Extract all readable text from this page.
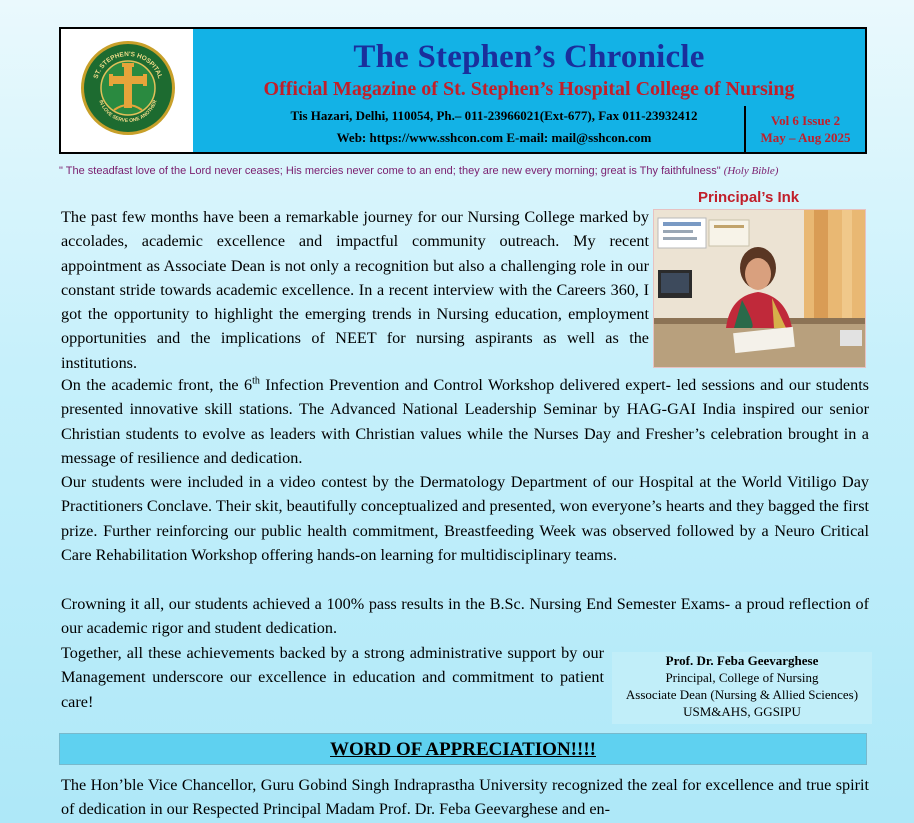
ST. STEPHEN'S HOSPITAL
IN LOVE SERVE ONE ANOTHER
The Stephen’s Chronicle
Official Magazine of St. Stephen’s Hospital College of Nursing
Tis Hazari, Delhi, 110054, Ph.– 011-23966021(Ext-677), Fax 011-23932412
Web: https://www.sshcon.com E-mail: mail@sshcon.com
Vol 6 Issue 2
May – Aug 2025
" The steadfast love of the Lord never ceases; His mercies never come to an end; they are new every morning; great is Thy faithfulness" (Holy Bible)
Principal’s Ink
The past few months have been a remarkable journey for our Nursing College marked by accolades, academic excellence and impactful community outreach. My recent appointment as Associate Dean is not only a recognition but also a challenging role in our constant stride towards academic excellence. In a recent interview with the Careers 360, I got the opportunity to highlight the emerging trends in Nursing education, employment opportunities and the implications of NEET for nursing aspirants as well as the institutions.
On the academic front, the 6th Infection Prevention and Control Workshop delivered expert- led sessions and our students presented innovative skill stations. The Advanced National Leadership Seminar by HAG-GAI India inspired our senior Christian students to evolve as leaders with Christian values while the Nurses Day and Fresher’s celebration brought in a message of resilience and dedication.
Our students were included in a video contest by the Dermatology Department of our Hospital at the World Vitiligo Day Practitioners Conclave. Their skit, beautifully conceptualized and presented, won everyone’s hearts and they bagged the first prize. Further reinforcing our public health commitment, Breastfeeding Week was observed followed by a Neuro Critical Care Rehabilitation Workshop offering hands-on learning for multidisciplinary teams.
Crowning it all, our students achieved a 100% pass results in the B.Sc. Nursing End Semester Exams- a proud reflection of our academic rigor and student dedication.
Together, all these achievements backed by a strong administrative support by our Management underscore our excellence in education and commitment to patient care!
Prof. Dr. Feba Geevarghese
Principal, College of Nursing
Associate Dean (Nursing & Allied Sciences)
USM&AHS, GGSIPU
WORD OF APPRECIATION!!!!
The Hon’ble Vice Chancellor, Guru Gobind Singh Indraprastha University recognized the zeal for excellence and true spirit of dedication in our Respected Principal Madam Prof. Dr. Feba Geevarghese and en-
